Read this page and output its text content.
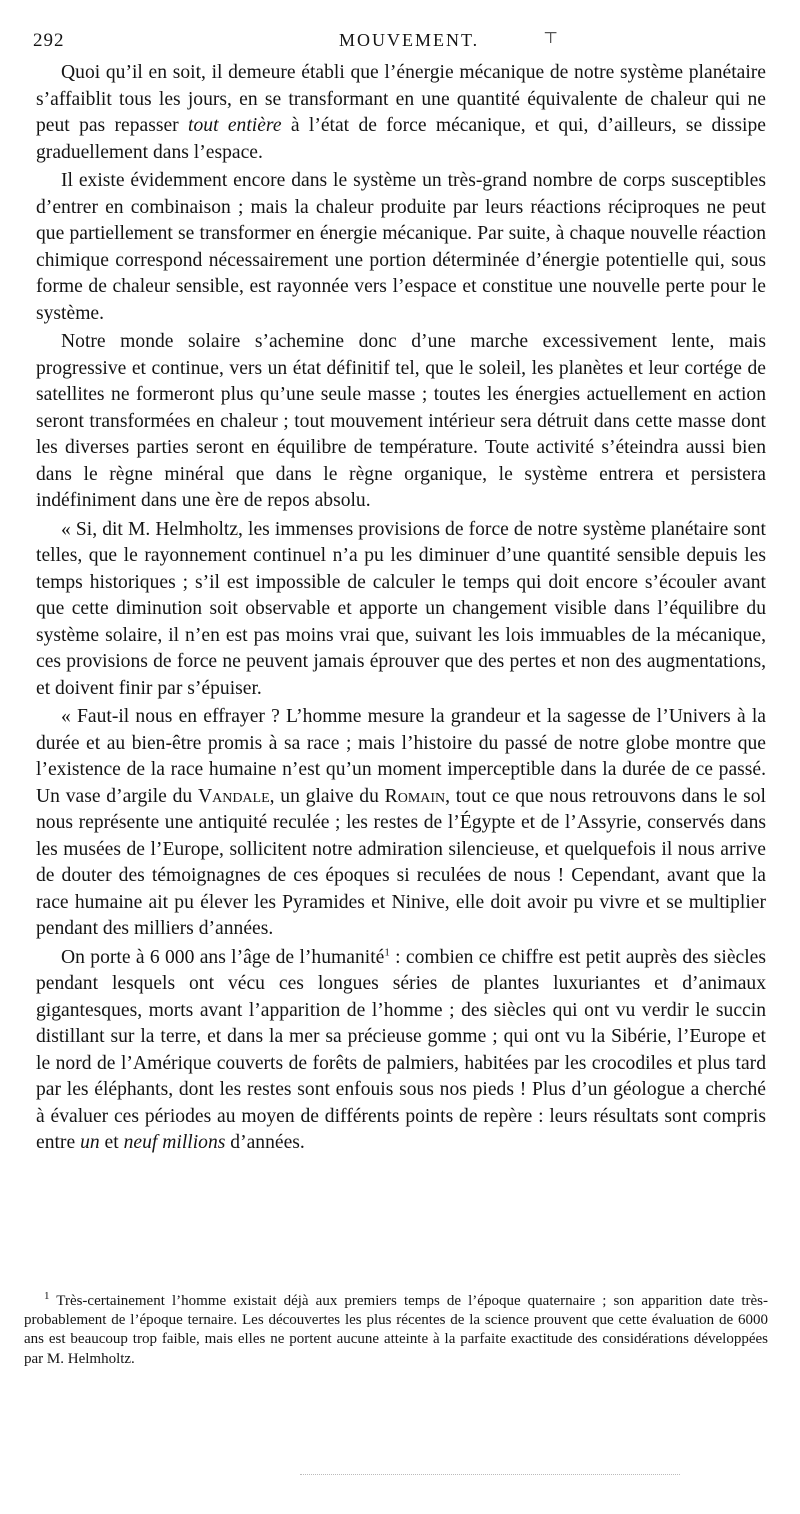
292	MOUVEMENT.	⊤

Quoi qu’il en soit, il demeure établi que l’énergie mécanique de notre système planétaire s’affaiblit tous les jours, en se transformant en une quantité équivalente de chaleur qui ne peut pas repasser tout entière à l’état de force mécanique, et qui, d’ailleurs, se dissipe graduellement dans l’espace.

Il existe évidemment encore dans le système un très-grand nombre de corps susceptibles d’entrer en combinaison ; mais la chaleur produite par leurs réactions réciproques ne peut que partiellement se transformer en énergie mécanique. Par suite, à chaque nouvelle réaction chimique correspond nécessairement une portion déterminée d’énergie potentielle qui, sous forme de chaleur sensible, est rayonnée vers l’espace et constitue une nouvelle perte pour le système.

Notre monde solaire s’achemine donc d’une marche excessivement lente, mais progressive et continue, vers un état définitif tel, que le soleil, les planètes et leur cortége de satellites ne formeront plus qu’une seule masse ; toutes les énergies actuellement en action seront transformées en chaleur ; tout mouvement intérieur sera détruit dans cette masse dont les diverses parties seront en équilibre de température. Toute activité s’éteindra aussi bien dans le règne minéral que dans le règne organique, le système entrera et persistera indéfiniment dans une ère de repos absolu.

« Si, dit M. Helmholtz, les immenses provisions de force de notre système planétaire sont telles, que le rayonnement continuel n’a pu les diminuer d’une quantité sensible depuis les temps historiques ; s’il est impossible de calculer le temps qui doit encore s’écouler avant que cette diminution soit observable et apporte un changement visible dans l’équilibre du système solaire, il n’en est pas moins vrai que, suivant les lois immuables de la mécanique, ces provisions de force ne peuvent jamais éprouver que des pertes et non des augmentations, et doivent finir par s’épuiser.

« Faut-il nous en effrayer ? L’homme mesure la grandeur et la sagesse de l’Univers à la durée et au bien-être promis à sa race ; mais l’histoire du passé de notre globe montre que l’existence de la race humaine n’est qu’un moment imperceptible dans la durée de ce passé. Un vase d’argile du Vandale, un glaive du Romain, tout ce que nous retrouvons dans le sol nous représente une antiquité reculée ; les restes de l’Égypte et de l’Assyrie, conservés dans les musées de l’Europe, sollicitent notre admiration silencieuse, et quelquefois il nous arrive de douter des témoignagnes de ces époques si reculées de nous ! Cependant, avant que la race humaine ait pu élever les Pyramides et Ninive, elle doit avoir pu vivre et se multiplier pendant des milliers d’années.

On porte à 6 000 ans l’âge de l’humanité$^1$ : combien ce chiffre est petit auprès des siècles pendant lesquels ont vécu ces longues séries de plantes luxuriantes et d’animaux gigantesques, morts avant l’apparition de l’homme ; des siècles qui ont vu verdir le succin distillant sur la terre, et dans la mer sa précieuse gomme ; qui ont vu la Sibérie, l’Europe et le nord de l’Amérique couverts de forêts de palmiers, habitées par les crocodiles et plus tard par les éléphants, dont les restes sont enfouis sous nos pieds ! Plus d’un géologue a cherché à évaluer ces périodes au moyen de différents points de repère : leurs résultats sont compris entre un et neuf millions d’années.

$^1$ Très-certainement l’homme existait déjà aux premiers temps de l’époque quaternaire ; son apparition date très-probablement de l’époque ternaire. Les découvertes les plus récentes de la science prouvent que cette évaluation de 6000 ans est beaucoup trop faible, mais elles ne portent aucune atteinte à la parfaite exactitude des considérations développées par M. Helmholtz.
